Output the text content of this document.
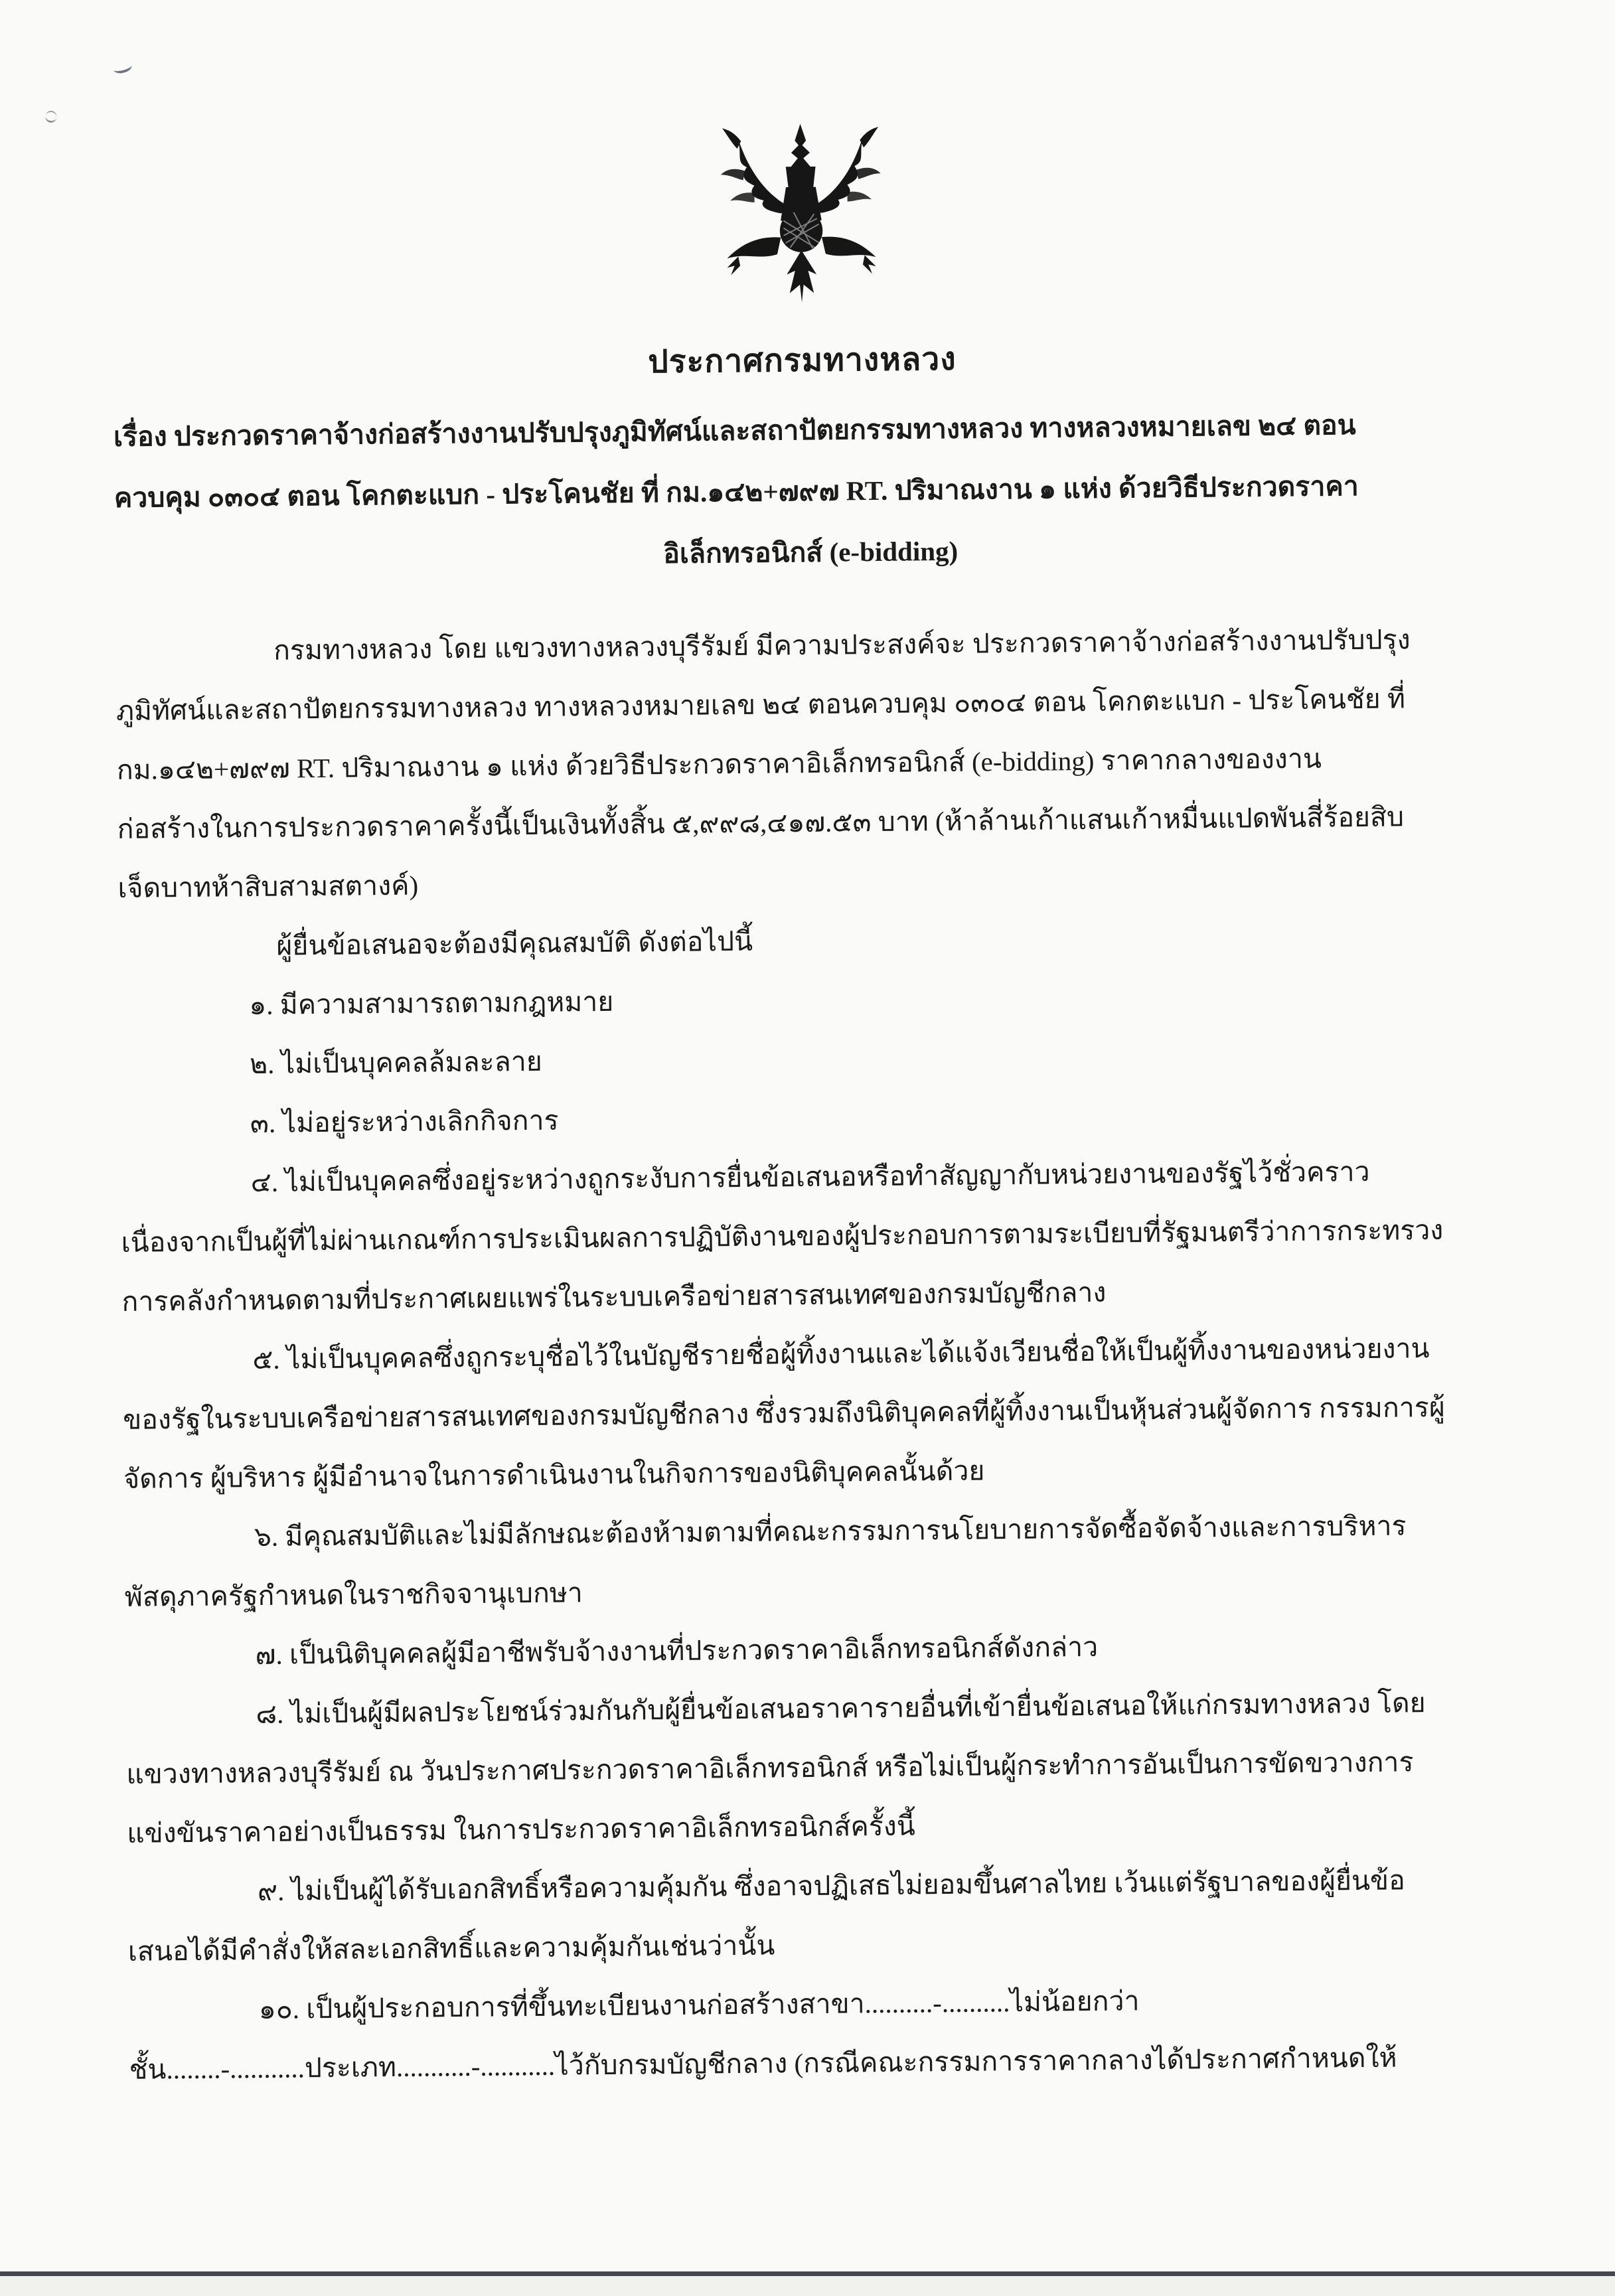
ประกาศกรมทางหลวง
เรื่อง ประกวดราคาจ้างก่อสร้างงานปรับปรุงภูมิทัศน์และสถาปัตยกรรมทางหลวง ทางหลวงหมายเลข ๒๔ ตอน
ควบคุม ๐๓๐๔ ตอน โคกตะแบก - ประโคนชัย ที่ กม.๑๔๒+๗๙๗ RT. ปริมาณงาน ๑ แห่ง ด้วยวิธีประกวดราคา
อิเล็กทรอนิกส์ (e-bidding)
กรมทางหลวง โดย แขวงทางหลวงบุรีรัมย์ มีความประสงค์จะ ประกวดราคาจ้างก่อสร้างงานปรับปรุง
ภูมิทัศน์และสถาปัตยกรรมทางหลวง ทางหลวงหมายเลข ๒๔ ตอนควบคุม ๐๓๐๔ ตอน โคกตะแบก - ประโคนชัย ที่
กม.๑๔๒+๗๙๗ RT. ปริมาณงาน ๑ แห่ง ด้วยวิธีประกวดราคาอิเล็กทรอนิกส์ (e-bidding) ราคากลางของงาน
ก่อสร้างในการประกวดราคาครั้งนี้เป็นเงินทั้งสิ้น ๕,๙๙๘,๔๑๗.๕๓ บาท (ห้าล้านเก้าแสนเก้าหมื่นแปดพันสี่ร้อยสิบ
เจ็ดบาทห้าสิบสามสตางค์)
ผู้ยื่นข้อเสนอจะต้องมีคุณสมบัติ ดังต่อไปนี้
๑. มีความสามารถตามกฎหมาย
๒. ไม่เป็นบุคคลล้มละลาย
๓. ไม่อยู่ระหว่างเลิกกิจการ
๔. ไม่เป็นบุคคลซึ่งอยู่ระหว่างถูกระงับการยื่นข้อเสนอหรือทำสัญญากับหน่วยงานของรัฐไว้ชั่วคราว
เนื่องจากเป็นผู้ที่ไม่ผ่านเกณฑ์การประเมินผลการปฏิบัติงานของผู้ประกอบการตามระเบียบที่รัฐมนตรีว่าการกระทรวง
การคลังกำหนดตามที่ประกาศเผยแพร่ในระบบเครือข่ายสารสนเทศของกรมบัญชีกลาง
๕. ไม่เป็นบุคคลซึ่งถูกระบุชื่อไว้ในบัญชีรายชื่อผู้ทิ้งงานและได้แจ้งเวียนชื่อให้เป็นผู้ทิ้งงานของหน่วยงาน
ของรัฐในระบบเครือข่ายสารสนเทศของกรมบัญชีกลาง ซึ่งรวมถึงนิติบุคคลที่ผู้ทิ้งงานเป็นหุ้นส่วนผู้จัดการ กรรมการผู้
จัดการ ผู้บริหาร ผู้มีอำนาจในการดำเนินงานในกิจการของนิติบุคคลนั้นด้วย
๖. มีคุณสมบัติและไม่มีลักษณะต้องห้ามตามที่คณะกรรมการนโยบายการจัดซื้อจัดจ้างและการบริหาร
พัสดุภาครัฐกำหนดในราชกิจจานุเบกษา
๗. เป็นนิติบุคคลผู้มีอาชีพรับจ้างงานที่ประกวดราคาอิเล็กทรอนิกส์ดังกล่าว
๘. ไม่เป็นผู้มีผลประโยชน์ร่วมกันกับผู้ยื่นข้อเสนอราคารายอื่นที่เข้ายื่นข้อเสนอให้แก่กรมทางหลวง โดย
แขวงทางหลวงบุรีรัมย์ ณ วันประกาศประกวดราคาอิเล็กทรอนิกส์ หรือไม่เป็นผู้กระทำการอันเป็นการขัดขวางการ
แข่งขันราคาอย่างเป็นธรรม ในการประกวดราคาอิเล็กทรอนิกส์ครั้งนี้
๙. ไม่เป็นผู้ได้รับเอกสิทธิ์หรือความคุ้มกัน ซึ่งอาจปฏิเสธไม่ยอมขึ้นศาลไทย เว้นแต่รัฐบาลของผู้ยื่นข้อ
เสนอได้มีคำสั่งให้สละเอกสิทธิ์และความคุ้มกันเช่นว่านั้น
๑๐. เป็นผู้ประกอบการที่ขึ้นทะเบียนงานก่อสร้างสาขา..........-..........ไม่น้อยกว่า
ชั้น........-...........ประเภท...........-...........ไว้กับกรมบัญชีกลาง (กรณีคณะกรรมการราคากลางได้ประกาศกำหนดให้
